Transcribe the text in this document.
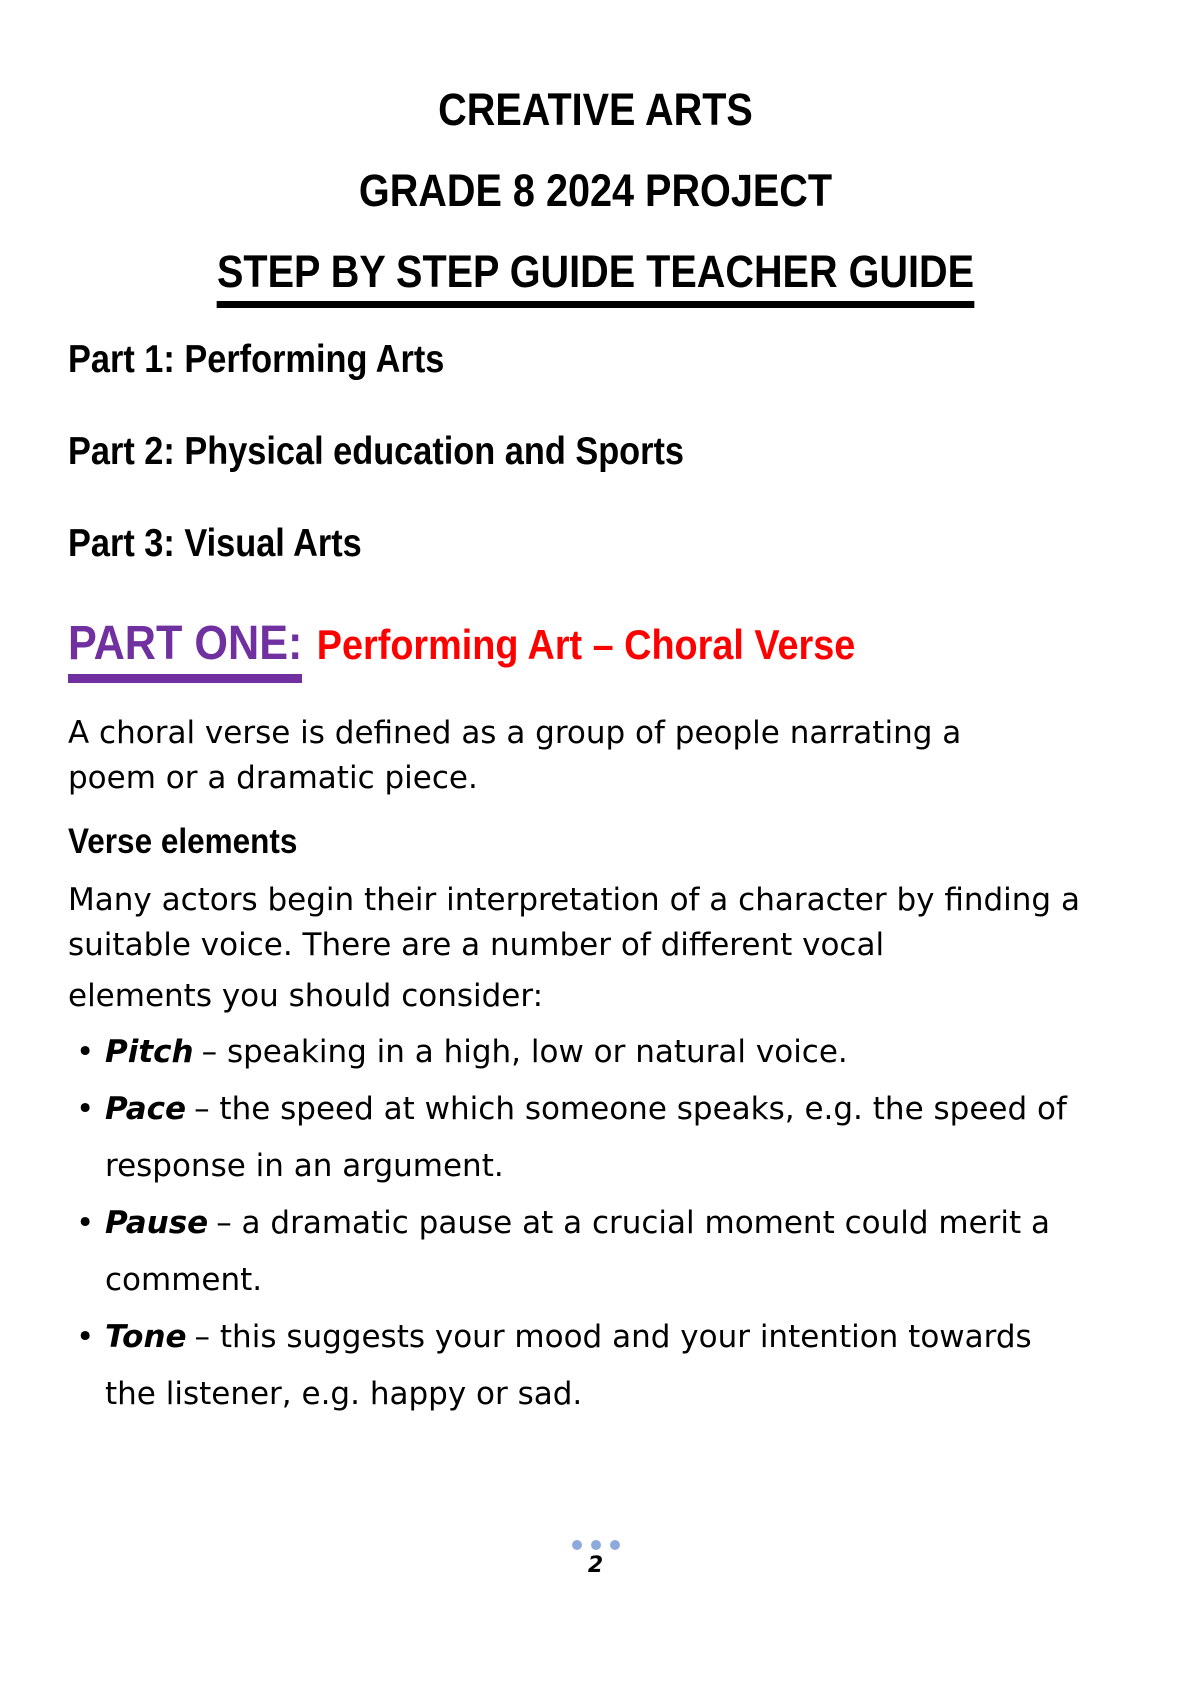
CREATIVE ARTS
GRADE 8 2024 PROJECT
STEP BY STEP GUIDE TEACHER GUIDE
Part 1: Performing Arts
Part 2: Physical education and Sports
Part 3: Visual Arts
PART ONE: Performing Art – Choral Verse
A choral verse is defined as a group of people narrating a
poem or a dramatic piece.
Verse elements
Many actors begin their interpretation of a character by finding a
suitable voice. There are a number of different vocal
elements you should consider:
• Pitch – speaking in a high, low or natural voice.
• Pace – the speed at which someone speaks, e.g. the speed of
response in an argument.
• Pause – a dramatic pause at a crucial moment could merit a
comment.
• Tone – this suggests your mood and your intention towards
the listener, e.g. happy or sad.
2
